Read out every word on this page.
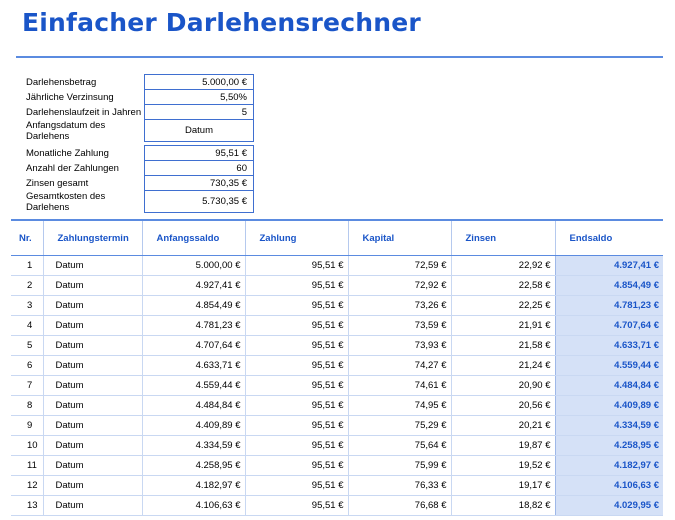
Einfacher Darlehensrechner
Darlehensbetrag	5.000,00 €
Jährliche Verzinsung	5,50%
Darlehenslaufzeit in Jahren	5
Anfangsdatum des Darlehens	Datum
Monatliche Zahlung	95,51 €
Anzahl der Zahlungen	60
Zinsen gesamt	730,35 €
Gesamtkosten des Darlehens	5.730,35 €
Nr.	Zahlungstermin	Anfangssaldo	Zahlung	Kapital	Zinsen	Endsaldo
1	Datum	5.000,00 €	95,51 €	72,59 €	22,92 €	4.927,41 €
2	Datum	4.927,41 €	95,51 €	72,92 €	22,58 €	4.854,49 €
3	Datum	4.854,49 €	95,51 €	73,26 €	22,25 €	4.781,23 €
4	Datum	4.781,23 €	95,51 €	73,59 €	21,91 €	4.707,64 €
5	Datum	4.707,64 €	95,51 €	73,93 €	21,58 €	4.633,71 €
6	Datum	4.633,71 €	95,51 €	74,27 €	21,24 €	4.559,44 €
7	Datum	4.559,44 €	95,51 €	74,61 €	20,90 €	4.484,84 €
8	Datum	4.484,84 €	95,51 €	74,95 €	20,56 €	4.409,89 €
9	Datum	4.409,89 €	95,51 €	75,29 €	20,21 €	4.334,59 €
10	Datum	4.334,59 €	95,51 €	75,64 €	19,87 €	4.258,95 €
11	Datum	4.258,95 €	95,51 €	75,99 €	19,52 €	4.182,97 €
12	Datum	4.182,97 €	95,51 €	76,33 €	19,17 €	4.106,63 €
13	Datum	4.106,63 €	95,51 €	76,68 €	18,82 €	4.029,95 €
